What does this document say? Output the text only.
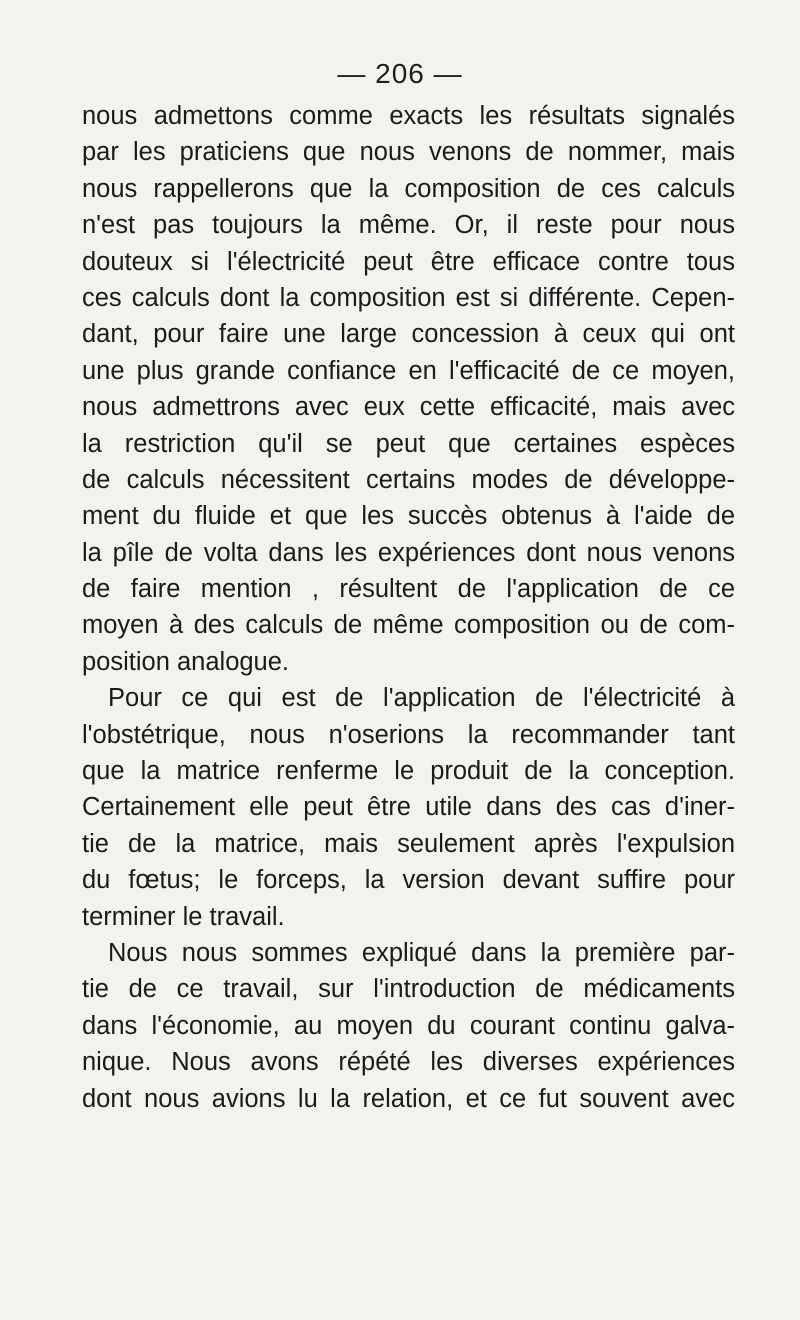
— 206 —
nous admettons comme exacts les résultats signalés
par les praticiens que nous venons de nommer, mais
nous rappellerons que la composition de ces calculs
n'est pas toujours la même. Or, il reste pour nous
douteux si l'électricité peut être efficace contre tous
ces calculs dont la composition est si différente. Cepen-
dant, pour faire une large concession à ceux qui ont
une plus grande confiance en l'efficacité de ce moyen,
nous admettrons avec eux cette efficacité, mais avec
la restriction qu'il se peut que certaines espèces
de calculs nécessitent certains modes de développe-
ment du fluide et que les succès obtenus à l'aide de
la pîle de volta dans les expériences dont nous venons
de faire mention , résultent de l'application de ce
moyen à des calculs de même composition ou de com-
position analogue.
Pour ce qui est de l'application de l'électricité à
l'obstétrique, nous n'oserions la recommander tant
que la matrice renferme le produit de la conception.
Certainement elle peut être utile dans des cas d'iner-
tie de la matrice, mais seulement après l'expulsion
du fœtus; le forceps, la version devant suffire pour
terminer le travail.
Nous nous sommes expliqué dans la première par-
tie de ce travail, sur l'introduction de médicaments
dans l'économie, au moyen du courant continu galva-
nique. Nous avons répété les diverses expériences
dont nous avions lu la relation, et ce fut souvent avec
